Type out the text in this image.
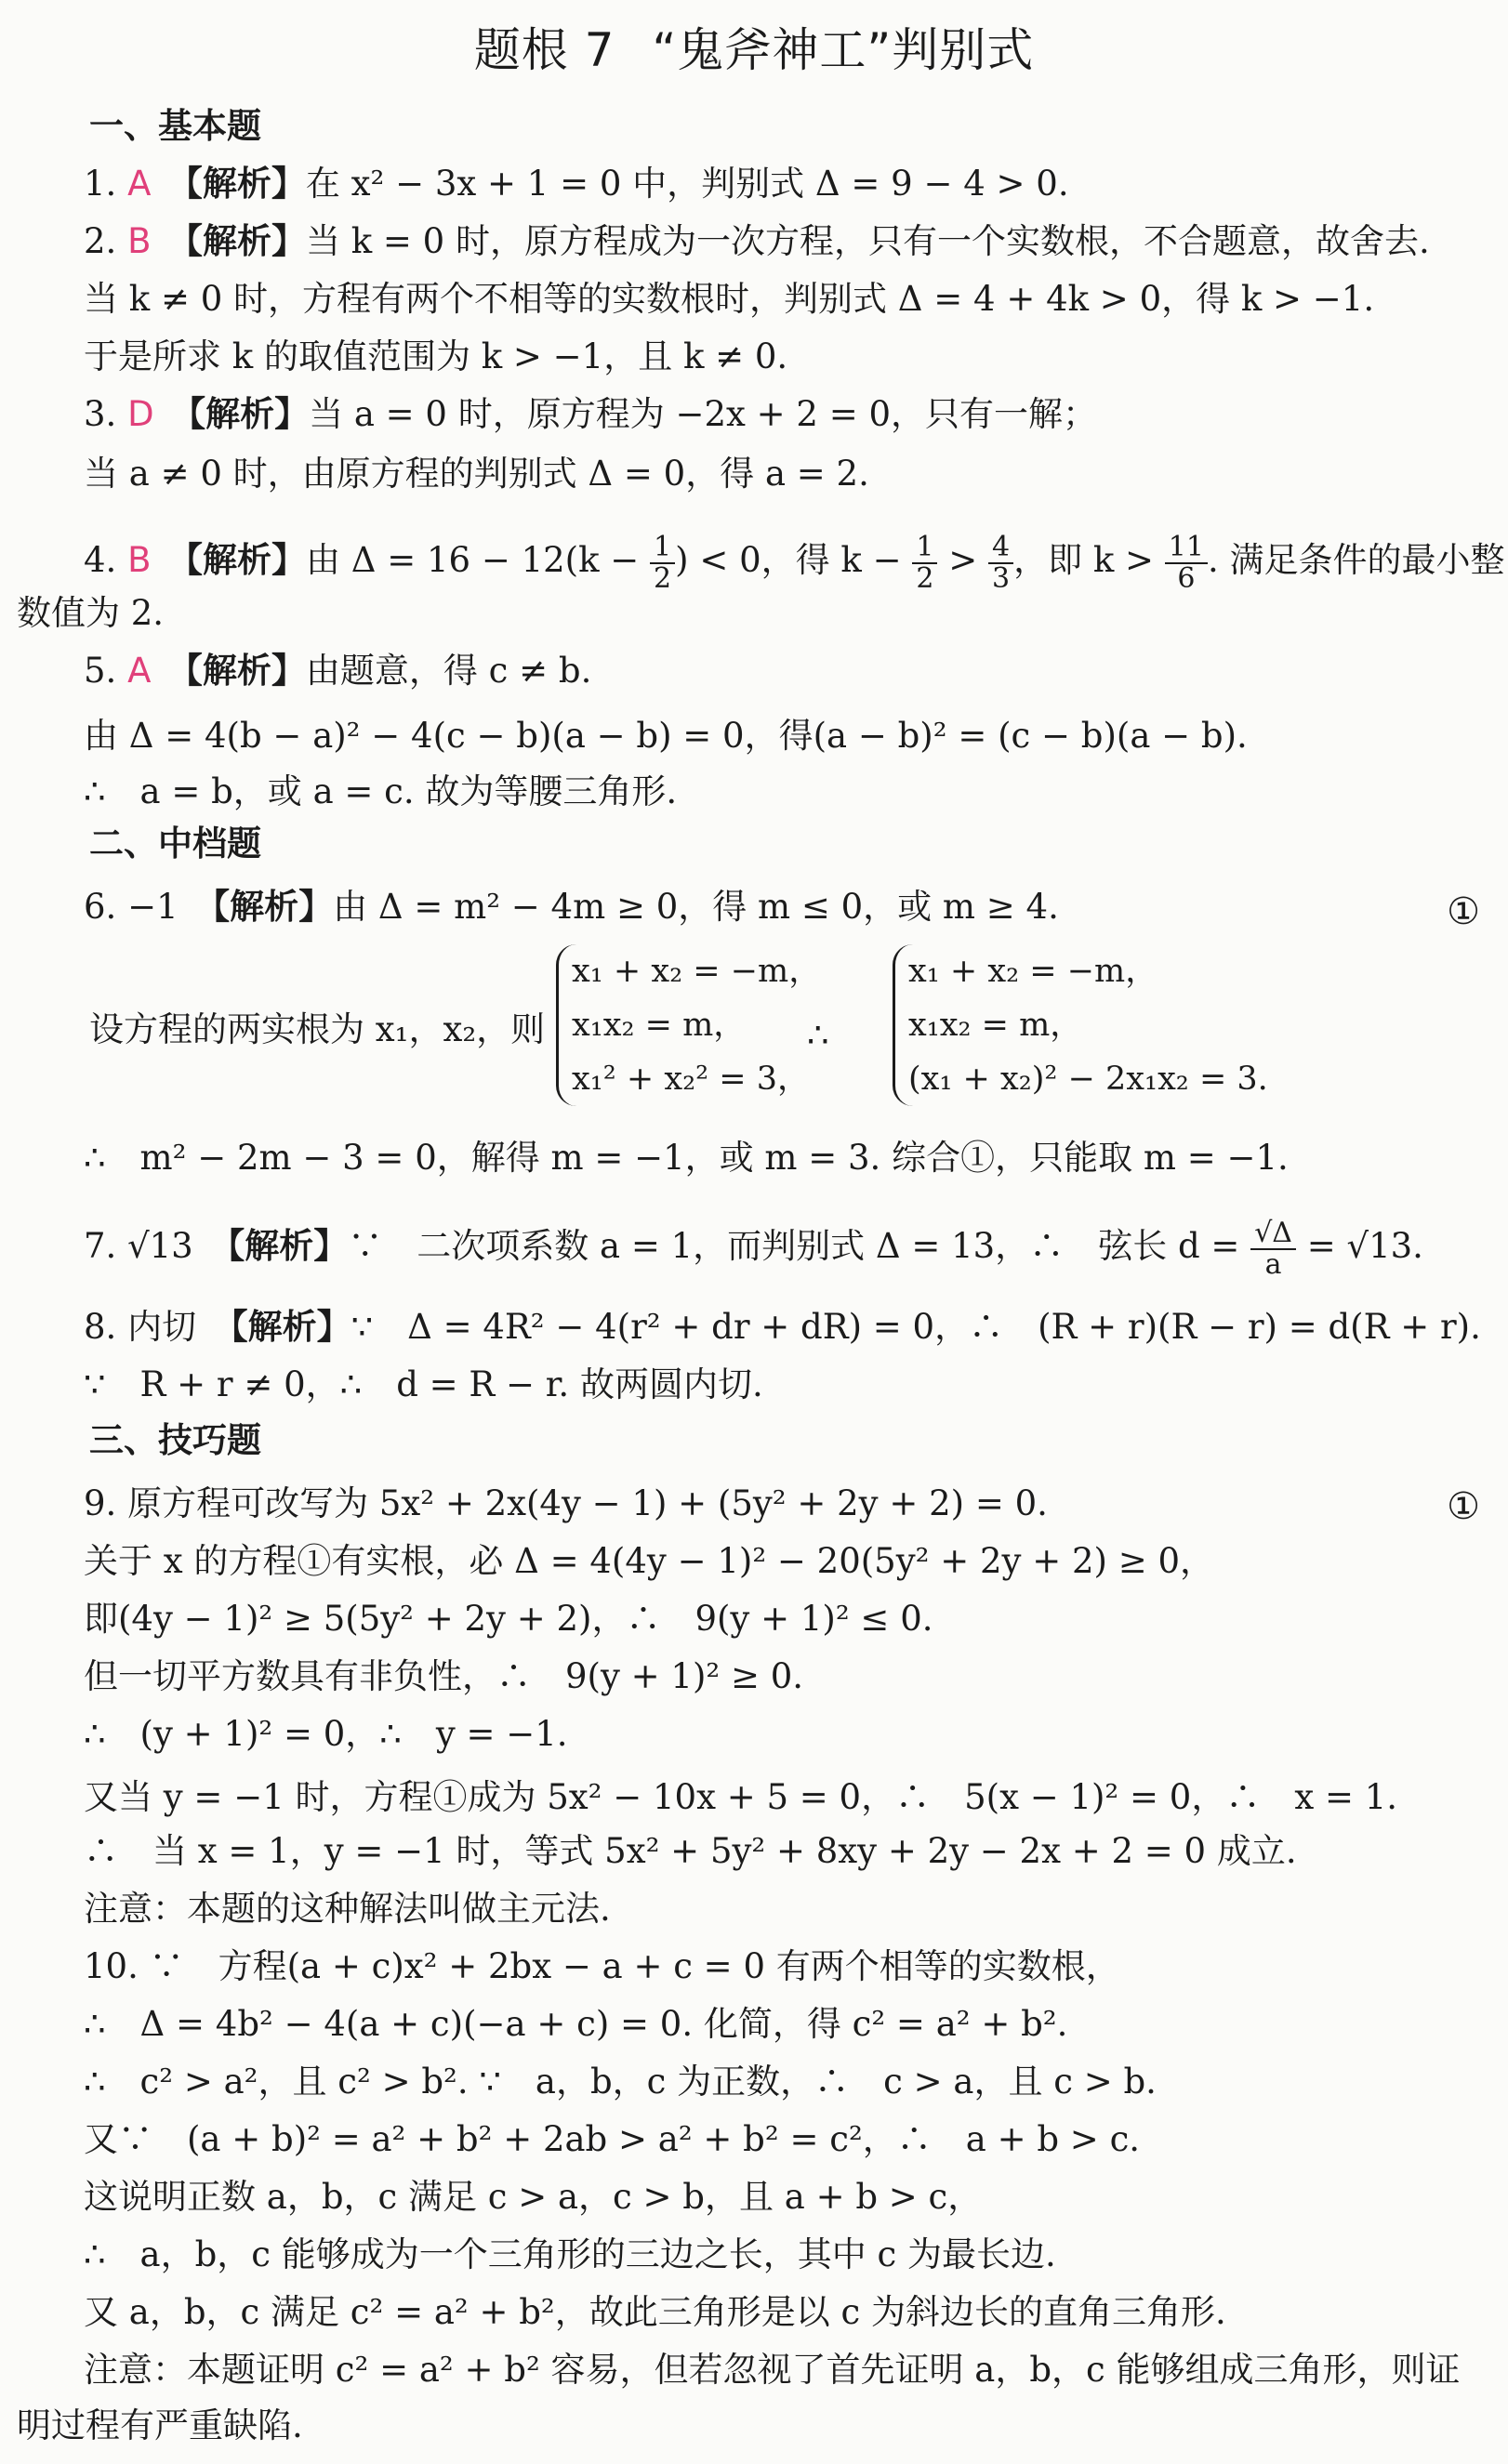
题根 7 “鬼斧神工”判别式
一、基本题
1. A　 【解析】在 x² − 3x + 1 = 0 中，判别式 Δ = 9 − 4 > 0.
2. B　 【解析】当 k = 0 时，原方程成为一次方程，只有一个实数根，不合题意，故舍去.
当 k ≠ 0 时，方程有两个不相等的实数根时，判别式 Δ = 4 + 4k > 0，得 k > −1.
于是所求 k 的取值范围为 k > −1，且 k ≠ 0.
3. D　 【解析】当 a = 0 时，原方程为 −2x + 2 = 0，只有一解；
当 a ≠ 0 时，由原方程的判别式 Δ = 0，得 a = 2.
4. B　 【解析】由 $\Delta = 16 - 12(k - \frac{1}{2}$ ) < 0，得 $k - \frac{1}{2} > \frac{4}{3}$ ，即 $k > \frac{11}{6}$ . 满足条件的最小整
数值为 2.
5. A　 【解析】由题意，得 c ≠ b.
由 Δ = 4(b − a)² − 4(c − b)(a − b) = 0，得(a − b)² = (c − b)(a − b).
∴　a = b，或 a = c. 故为等腰三角形.
二、中档题
6. −1　【解析】由 Δ = m² − 4m ≥ 0，得 m ≤ 0，或 m ≥ 4.	①
设方程的两实根为 x₁，x₂，则
x₁ + x₂ = −m，
x₁x₂ = m，
x₁² + x₂² = 3，
∴
x₁ + x₂ = −m，
x₁x₂ = m，
(x₁ + x₂)² − 2x₁x₂ = 3.
∴　m² − 2m − 3 = 0，解得 m = −1，或 m = 3. 综合①，只能取 m = −1.
7. √13　【解析】∵　二次项系数 a = 1，而判别式 Δ = 13，∴　弦长 $d = \frac{√\Delta}{a} = √13$.
8. 内切　【解析】∵　Δ = 4R² − 4(r² + dr + dR) = 0，∴　(R + r)(R − r) = d(R + r).
∵　R + r ≠ 0，∴　d = R − r. 故两圆内切.
三、技巧题
9. 原方程可改写为 5x² + 2x(4y − 1) + (5y² + 2y + 2) = 0.	①
关于 x 的方程①有实根，必 Δ = 4(4y − 1)² − 20(5y² + 2y + 2) ≥ 0，
即(4y − 1)² ≥ 5(5y² + 2y + 2)，∴　9(y + 1)² ≤ 0.
但一切平方数具有非负性，∴　9(y + 1)² ≥ 0.
∴　(y + 1)² = 0，∴　y = −1.
又当 y = −1 时，方程①成为 5x² − 10x + 5 = 0，∴　5(x − 1)² = 0，∴　x = 1.
∴　当 x = 1，y = −1 时，等式 5x² + 5y² + 8xy + 2y − 2x + 2 = 0 成立.
注意：本题的这种解法叫做主元法.
10. ∵　方程(a + c)x² + 2bx − a + c = 0 有两个相等的实数根，
∴　Δ = 4b² − 4(a + c)(−a + c) = 0. 化简，得 c² = a² + b².
∴　c² > a²，且 c² > b². ∵　a，b，c 为正数，∴　c > a，且 c > b.
又∵　(a + b)² = a² + b² + 2ab > a² + b² = c²，∴　a + b > c.
这说明正数 a，b，c 满足 c > a，c > b，且 a + b > c，
∴　a，b，c 能够成为一个三角形的三边之长，其中 c 为最长边.
又 a，b，c 满足 c² = a² + b²，故此三角形是以 c 为斜边长的直角三角形.
注意：本题证明 c² = a² + b² 容易，但若忽视了首先证明 a，b，c 能够组成三角形，则证
明过程有严重缺陷.
